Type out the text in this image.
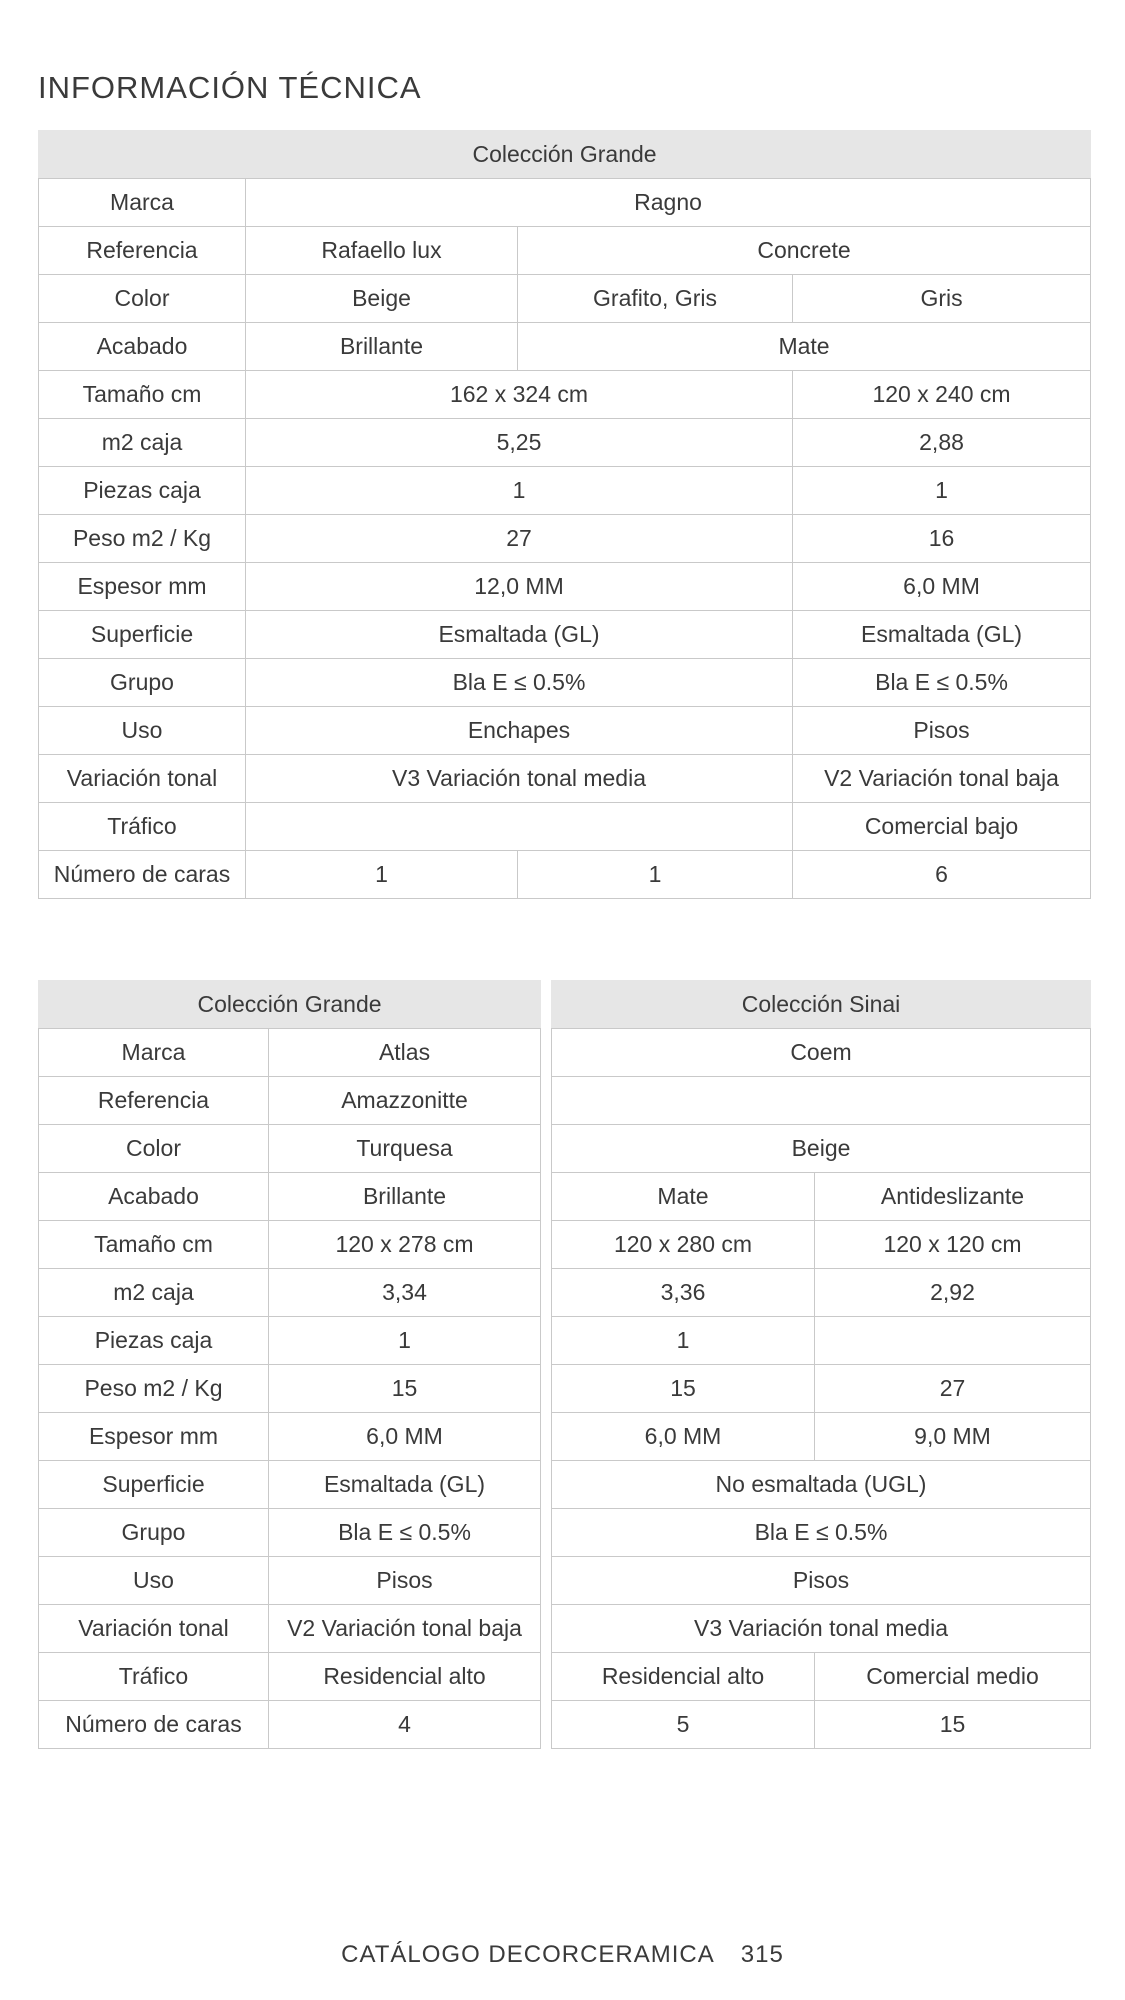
INFORMACIÓN TÉCNICA
Colección Grande			
Marca	Ragno		
Referencia	Rafaello lux	Concrete	
Color	Beige	Grafito, Gris	Gris
Acabado	Brillante	Mate	
Tamaño cm	162 x 324 cm		120 x 240 cm
m2 caja	5,25		2,88
Piezas caja	1		1
Peso m2 / Kg	27		16
Espesor mm	12,0 MM		6,0 MM
Superficie	Esmaltada (GL)		Esmaltada (GL)
Grupo	Bla E ≤ 0.5%		Bla E ≤ 0.5%
Uso	Enchapes		Pisos
Variación tonal	V3 Variación tonal media		V2 Variación tonal baja
Tráfico			Comercial bajo
Número de caras	1	1	6
Colección Grande	
Marca	Atlas
Referencia	Amazzonitte
Color	Turquesa
Acabado	Brillante
Tamaño cm	120 x 278 cm
m2 caja	3,34
Piezas caja	1
Peso m2 / Kg	15
Espesor mm	6,0 MM
Superficie	Esmaltada (GL)
Grupo	Bla E ≤ 0.5%
Uso	Pisos
Variación tonal	V2 Variación tonal baja
Tráfico	Residencial alto
Número de caras	4
Colección Sinai	
Coem	

Beige	
Mate	Antideslizante
120 x 280 cm	120 x 120 cm
3,36	2,92
1	
15	27
6,0 MM	9,0 MM
No esmaltada (UGL)	
Bla E ≤ 0.5%	
Pisos	
V3 Variación tonal media	
Residencial alto	Comercial medio
5	15
CATÁLOGO DECORCERAMICA 315
